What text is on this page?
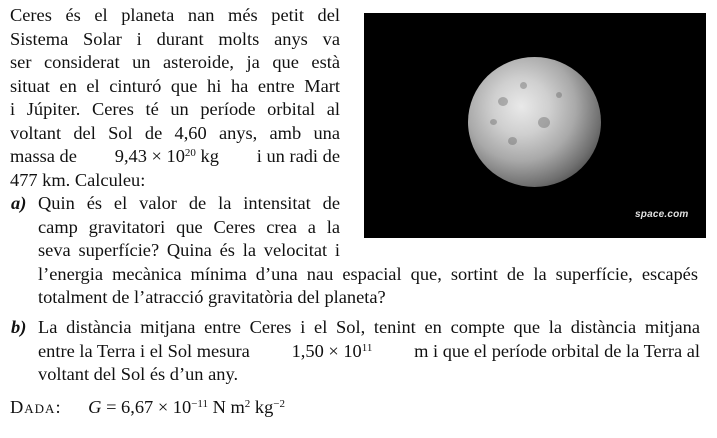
Ceres és el planeta nan més petit del
Sistema Solar i durant molts anys va
ser considerat un asteroide, ja que està
situat en el cinturó que hi ha entre Mart
i Júpiter. Ceres té un període orbital al
voltant del Sol de 4,60 anys, amb una
massa de $9,43 \times 10^{20}$ kg i un radi de
477 km. Calculeu:
space.com
a) Quin és el valor de la intensitat de
camp gravitatori que Ceres crea a la
seva superfície? Quina és la velocitat i
l’energia mecànica mínima d’una nau espacial que, sortint de la superfície, escapés
totalment de l’atracció gravitatòria del planeta?
b) La distància mitjana entre Ceres i el Sol, tenint en compte que la distància mitjana
entre la Terra i el Sol mesura $1,50 \times 10^{11}$ m i que el període orbital de la Terra al
voltant del Sol és d’un any.
Dada: $G = 6,67 \times 10^{-11}$ N $m^2$ $kg^{-2}$
